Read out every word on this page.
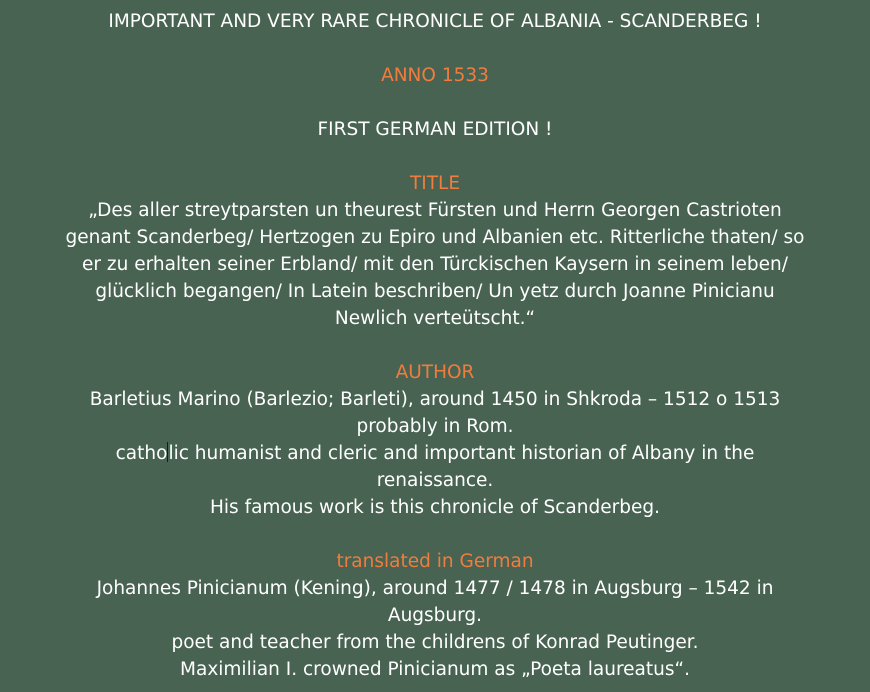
IMPORTANT AND VERY RARE CHRONICLE OF ALBANIA - SCANDERBEG !
ANNO 1533
FIRST GERMAN EDITION !
TITLE
„Des aller streytparsten un theurest Fürsten und Herrn Georgen Castrioten
genant Scanderbeg/ Hertzogen zu Epiro und Albanien etc. Ritterliche thaten/ so
er zu erhalten seiner Erbland/ mit den Türckischen Kaysern in seinem leben/
glücklich begangen/ In Latein beschriben/ Un yetz durch Joanne Pinicianu
Newlich verteütscht.“
AUTHOR
Barletius Marino (Barlezio; Barleti), around 1450 in Shkroda – 1512 o 1513
probably in Rom.
catholic humanist and cleric and important historian of Albany in the
renaissance.
His famous work is this chronicle of Scanderbeg.
translated in German
Johannes Pinicianum (Kening), around 1477 / 1478 in Augsburg – 1542 in
Augsburg.
poet and teacher from the childrens of Konrad Peutinger.
Maximilian I. crowned Pinicianum as „Poeta laureatus“.
